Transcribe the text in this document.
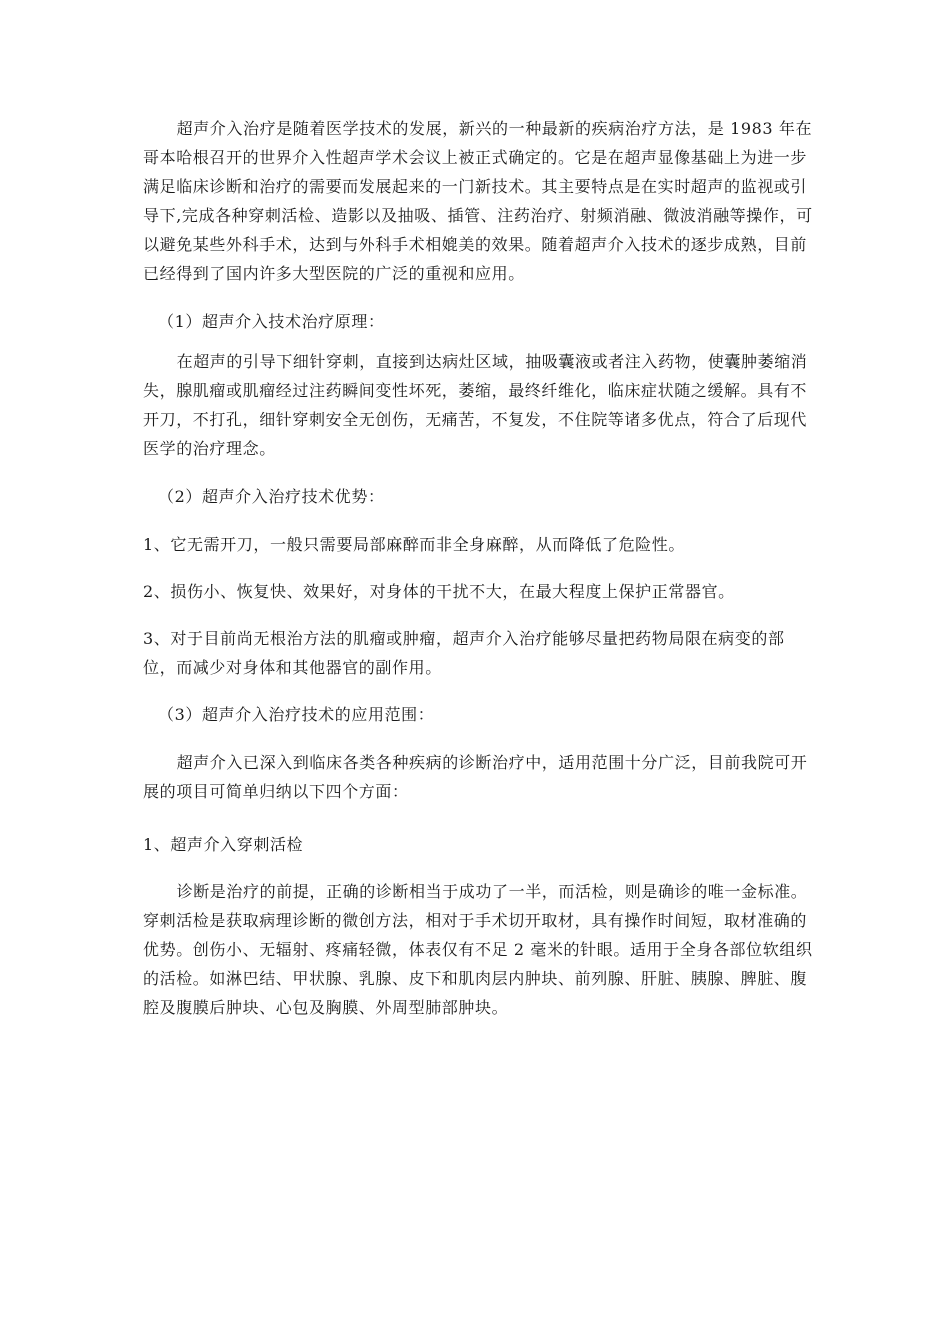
超声介入治疗是随着医学技术的发展，新兴的一种最新的疾病治疗方法，是 1983 年在哥本哈根召开的世界介入性超声学术会议上被正式确定的。它是在超声显像基础上为进一步满足临床诊断和治疗的需要而发展起来的一门新技术。其主要特点是在实时超声的监视或引导下,完成各种穿刺活检、造影以及抽吸、插管、注药治疗、射频消融、微波消融等操作，可以避免某些外科手术，达到与外科手术相媲美的效果。随着超声介入技术的逐步成熟，目前已经得到了国内许多大型医院的广泛的重视和应用。

（1）超声介入技术治疗原理：

在超声的引导下细针穿刺，直接到达病灶区域，抽吸囊液或者注入药物，使囊肿萎缩消失，腺肌瘤或肌瘤经过注药瞬间变性坏死，萎缩，最终纤维化，临床症状随之缓解。具有不开刀，不打孔，细针穿刺安全无创伤，无痛苦，不复发，不住院等诸多优点，符合了后现代医学的治疗理念。

（2）超声介入治疗技术优势：

1、它无需开刀，一般只需要局部麻醉而非全身麻醉，从而降低了危险性。

2、损伤小、恢复快、效果好，对身体的干扰不大，在最大程度上保护正常器官。

3、对于目前尚无根治方法的肌瘤或肿瘤，超声介入治疗能够尽量把药物局限在病变的部位，而减少对身体和其他器官的副作用。

（3）超声介入治疗技术的应用范围：

超声介入已深入到临床各类各种疾病的诊断治疗中，适用范围十分广泛，目前我院可开展的项目可简单归纳以下四个方面：

1、超声介入穿刺活检

诊断是治疗的前提，正确的诊断相当于成功了一半，而活检，则是确诊的唯一金标准。穿刺活检是获取病理诊断的微创方法，相对于手术切开取材，具有操作时间短，取材准确的优势。创伤小、无辐射、疼痛轻微，体表仅有不足 2 毫米的针眼。适用于全身各部位软组织的活检。如淋巴结、甲状腺、乳腺、皮下和肌肉层内肿块、前列腺、肝脏、胰腺、脾脏、腹腔及腹膜后肿块、心包及胸膜、外周型肺部肿块。
